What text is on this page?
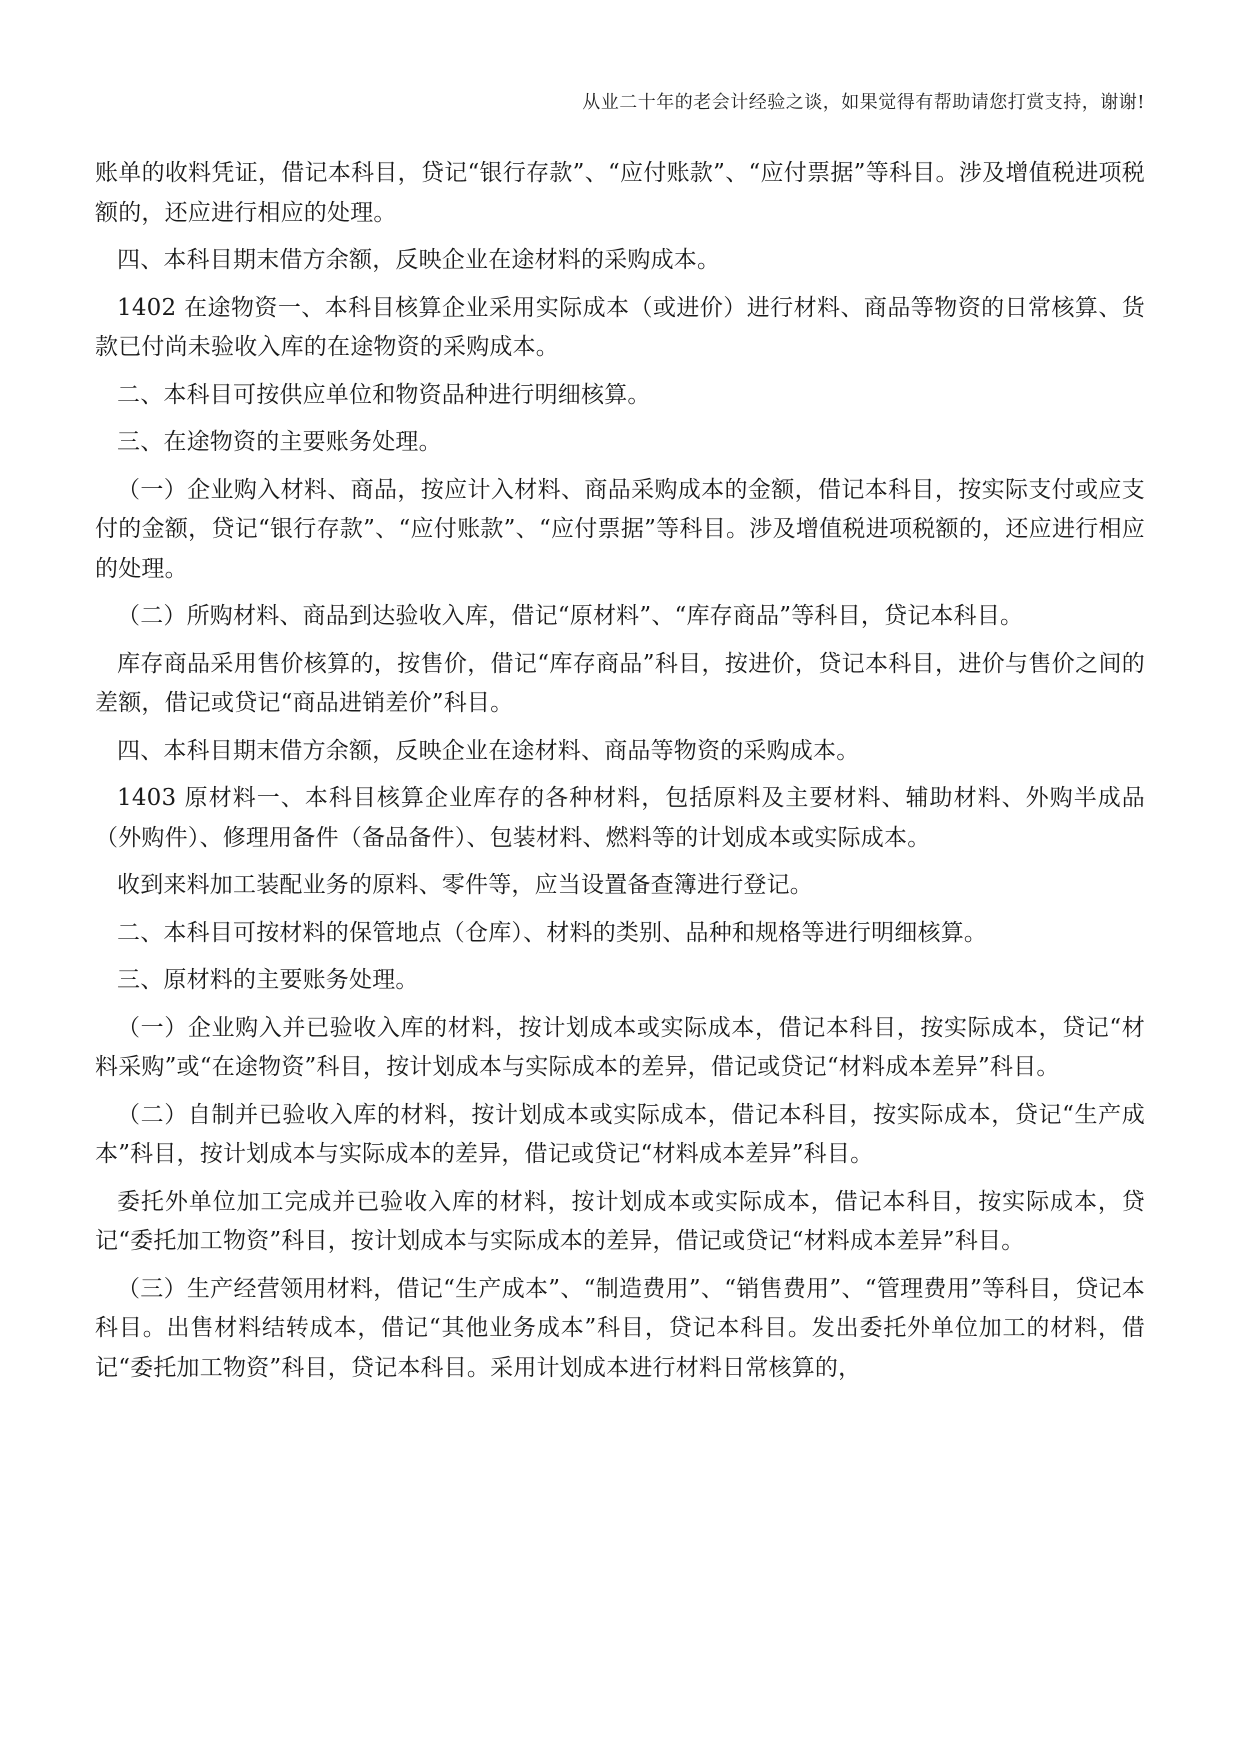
从业二十年的老会计经验之谈，如果觉得有帮助请您打赏支持，谢谢!

账单的收料凭证，借记本科目，贷记“银行存款”、“应付账款”、“应付票据”等科目。涉及增值税进项税额的，还应进行相应的处理。

四、本科目期末借方余额，反映企业在途材料的采购成本。

1402 在途物资一、本科目核算企业采用实际成本（或进价）进行材料、商品等物资的日常核算、货款已付尚未验收入库的在途物资的采购成本。

二、本科目可按供应单位和物资品种进行明细核算。

三、在途物资的主要账务处理。

（一）企业购入材料、商品，按应计入材料、商品采购成本的金额，借记本科目，按实际支付或应支付的金额，贷记“银行存款”、“应付账款”、“应付票据”等科目。涉及增值税进项税额的，还应进行相应的处理。

（二）所购材料、商品到达验收入库，借记“原材料”、“库存商品”等科目，贷记本科目。

库存商品采用售价核算的，按售价，借记“库存商品”科目，按进价，贷记本科目，进价与售价之间的差额，借记或贷记“商品进销差价”科目。

四、本科目期末借方余额，反映企业在途材料、商品等物资的采购成本。

1403 原材料一、本科目核算企业库存的各种材料，包括原料及主要材料、辅助材料、外购半成品（外购件）、修理用备件（备品备件）、包装材料、燃料等的计划成本或实际成本。

收到来料加工装配业务的原料、零件等，应当设置备查簿进行登记。

二、本科目可按材料的保管地点（仓库）、材料的类别、品种和规格等进行明细核算。

三、原材料的主要账务处理。

（一）企业购入并已验收入库的材料，按计划成本或实际成本，借记本科目，按实际成本，贷记“材料采购”或“在途物资”科目，按计划成本与实际成本的差异，借记或贷记“材料成本差异”科目。

（二）自制并已验收入库的材料，按计划成本或实际成本，借记本科目，按实际成本，贷记“生产成本”科目，按计划成本与实际成本的差异，借记或贷记“材料成本差异”科目。

委托外单位加工完成并已验收入库的材料，按计划成本或实际成本，借记本科目，按实际成本，贷记“委托加工物资”科目，按计划成本与实际成本的差异，借记或贷记“材料成本差异”科目。

（三）生产经营领用材料，借记“生产成本”、“制造费用”、“销售费用”、“管理费用”等科目，贷记本科目。出售材料结转成本，借记“其他业务成本”科目，贷记本科目。发出委托外单位加工的材料，借记“委托加工物资”科目，贷记本科目。采用计划成本进行材料日常核算的，
